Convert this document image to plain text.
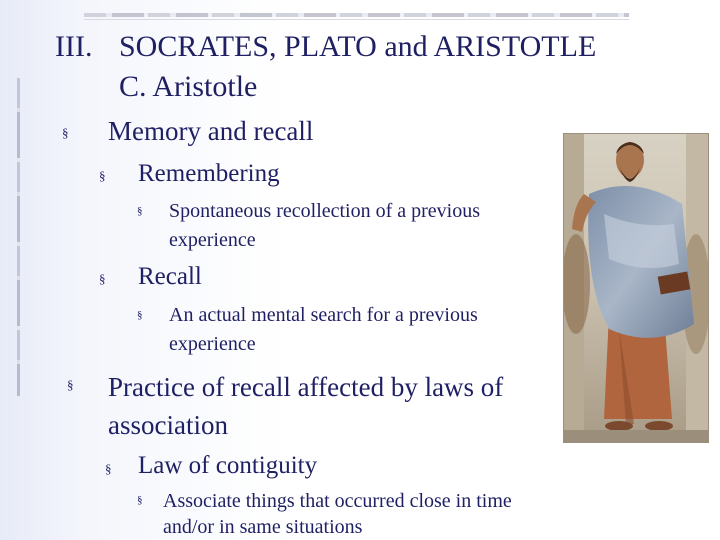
III. SOCRATES, PLATO and ARISTOTLE
C. Aristotle
§ Memory and recall
§ Remembering
§ Spontaneous recollection of a previous experience
§ Recall
§ An actual mental search for a previous experience
§ Practice of recall affected by laws of association
§ Law of contiguity
§ Associate things that occurred close in time and/or in same situations
